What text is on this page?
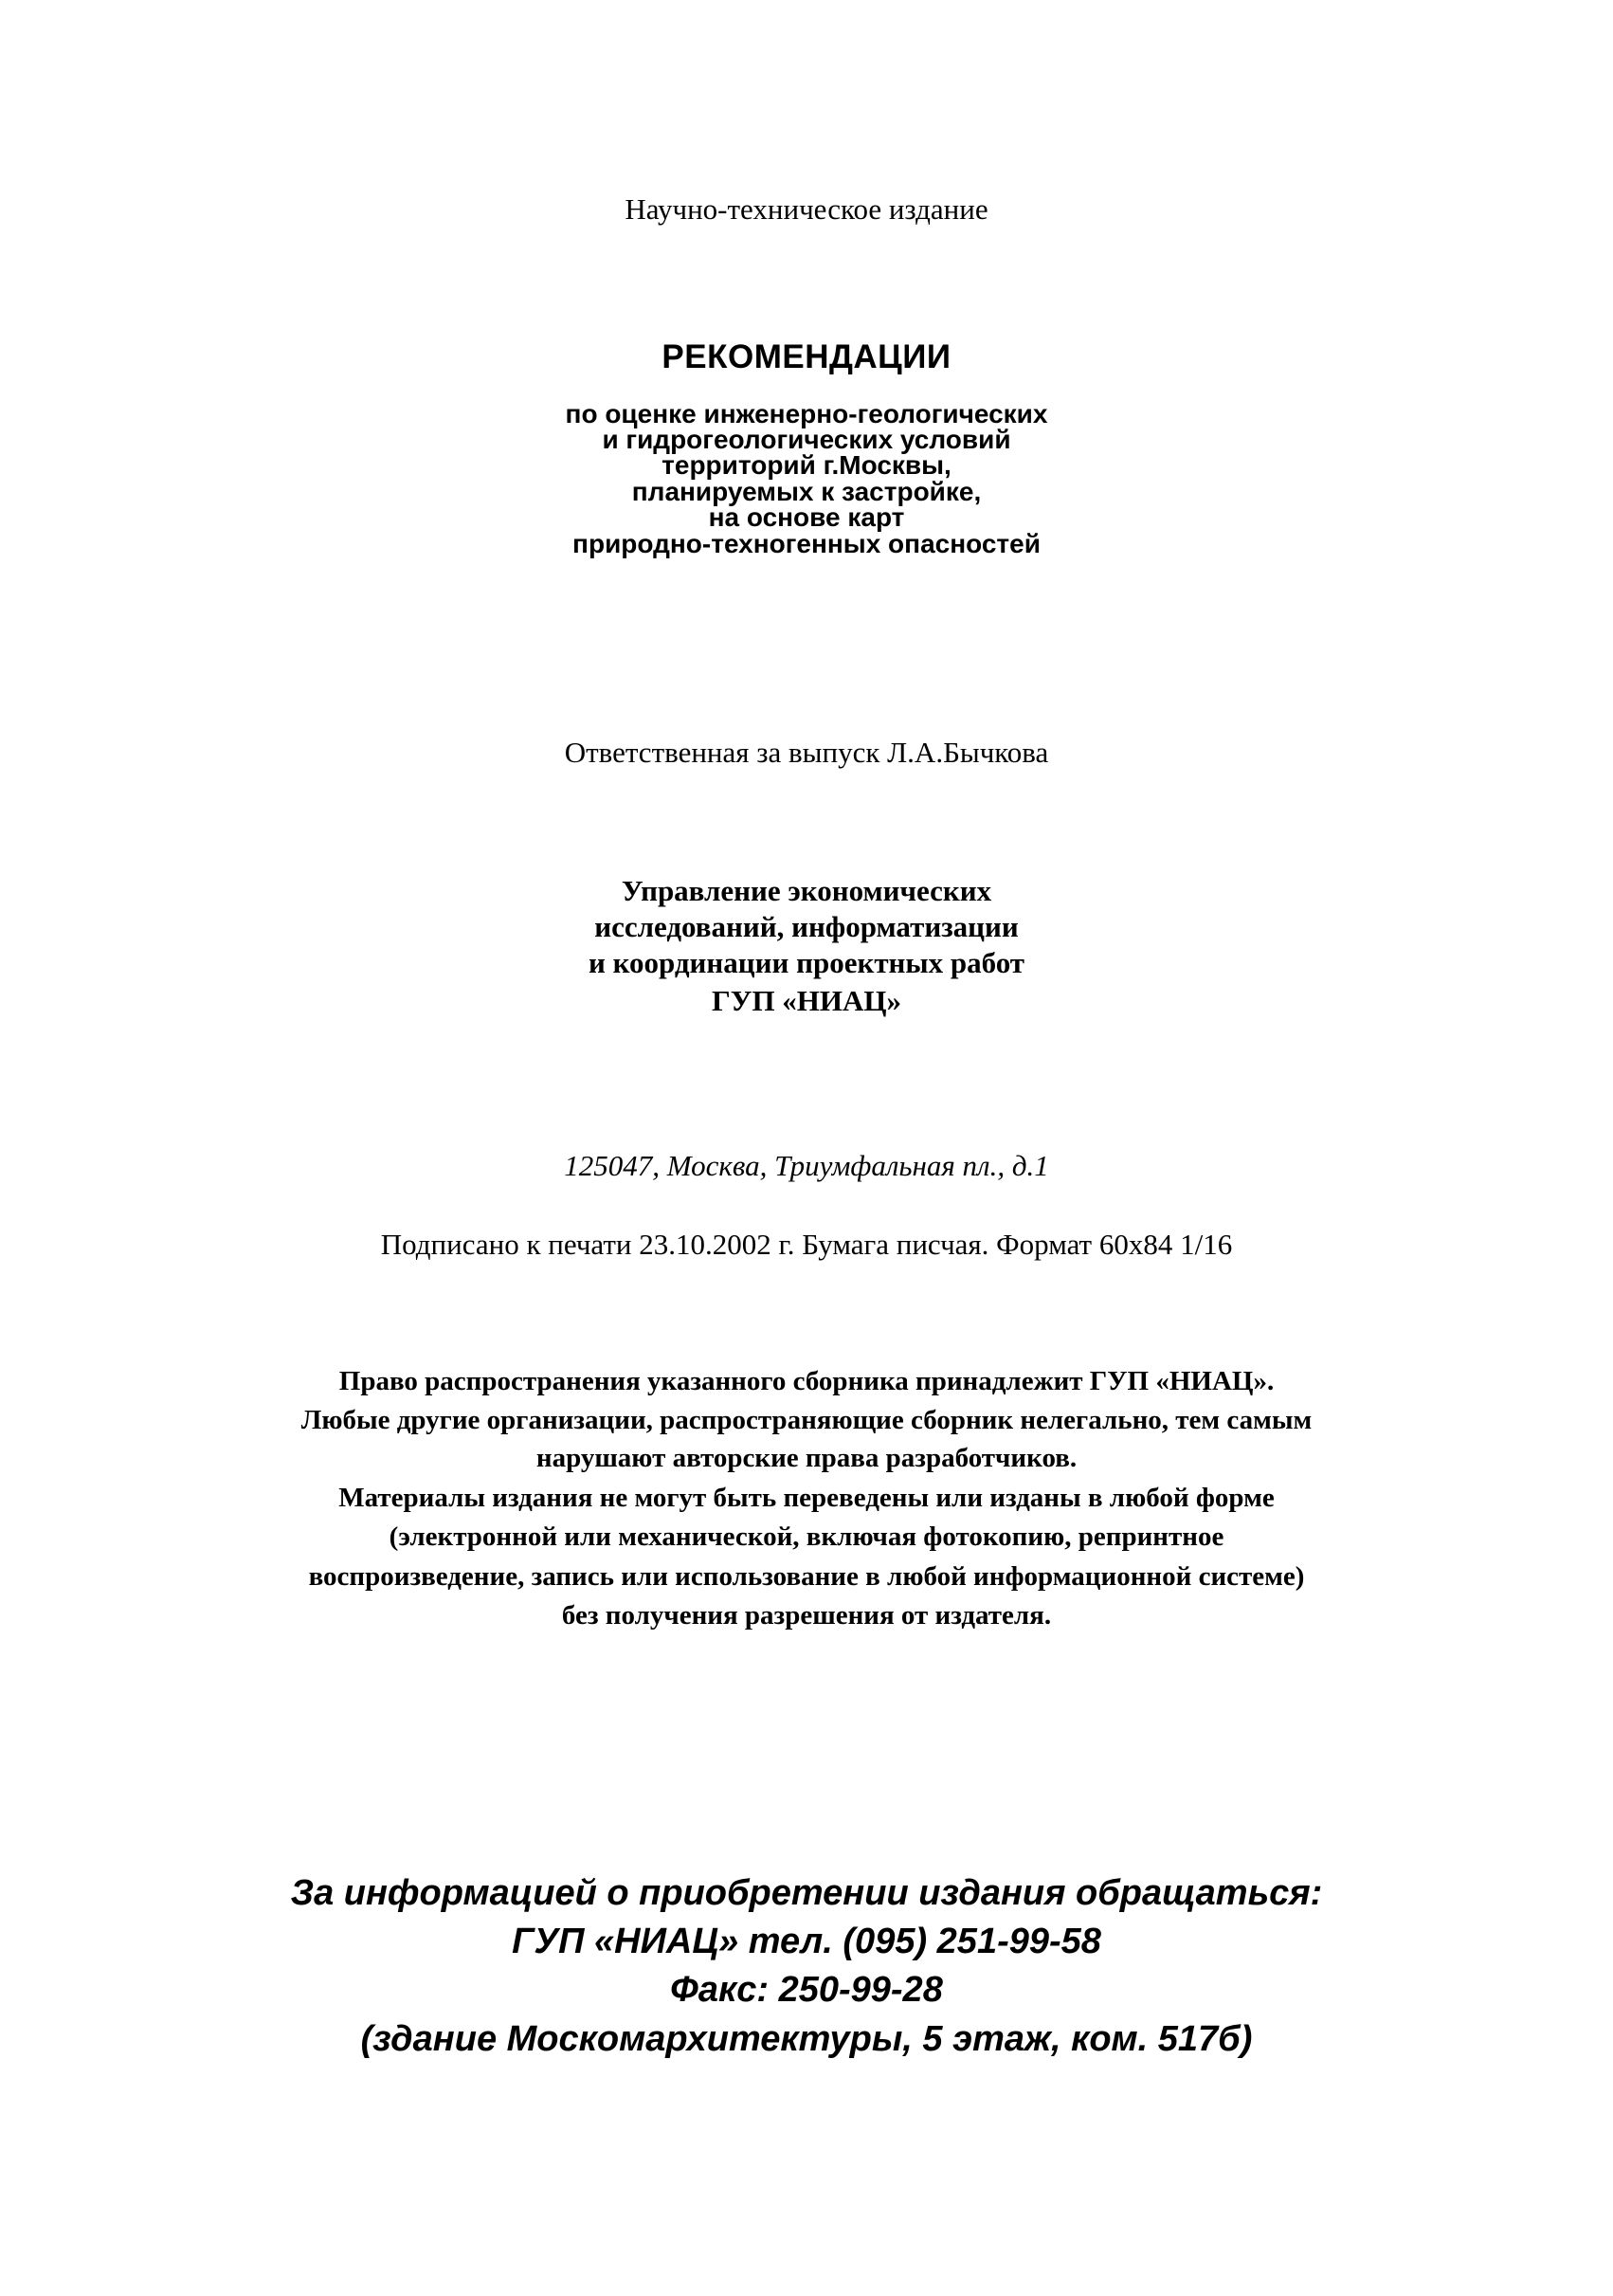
Научно-техническое издание

РЕКОМЕНДАЦИИ

по оценке инженерно-геологических

и гидрогеологических условий

территорий г.Москвы,

планируемых к застройке,

на основе карт

природно-техногенных опасностей

Ответственная за выпуск Л.А.Бычкова

Управление экономических

исследований, информатизации

и координации проектных работ

ГУП «НИАЦ»

125047, Москва, Триумфальная пл., д.1

Подписано к печати 23.10.2002 г. Бумага писчая. Формат 60х84 1/16

Право распространения указанного сборника принадлежит ГУП «НИАЦ».

Любые другие организации, распространяющие сборник нелегально, тем самым

нарушают авторские права разработчиков.

Материалы издания не могут быть переведены или изданы в любой форме

(электронной или механической, включая фотокопию, репринтное

воспроизведение, запись или использование в любой информационной системе)

без получения разрешения от издателя.

За информацией о приобретении издания обращаться:

ГУП «НИАЦ» тел. (095) 251-99-58

Факс: 250-99-28

(здание Москомархитектуры, 5 этаж, ком. 517б)
